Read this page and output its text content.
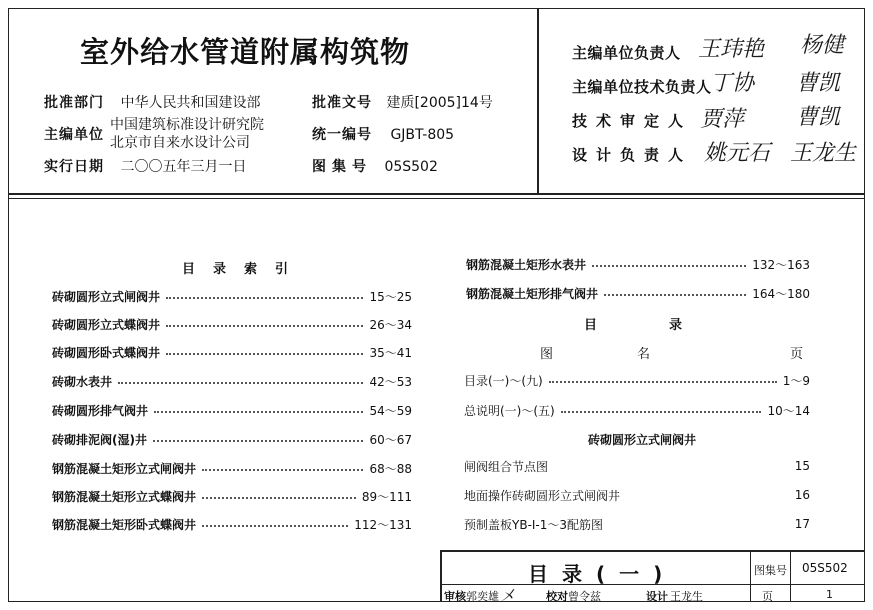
室外给水管道附属构筑物
批准部门 中华人民共和国建设部	批准文号 建质[2005]14号
主编单位
中国建筑标准设计研究院
北京市自来水设计公司	统一编号 GJBT-805
实行日期 二〇〇五年三月一日	图集号 05S502
主编单位负责人 王玮艳 杨健
主编单位技术负责人
丁协 曹凯
技术审定人 贾萍 曹凯
设计负责人 姚元石 王龙生
目录索引
砖砌圆形立式闸阀井	15～25
砖砌圆形立式蝶阀井	26～34
砖砌圆形卧式蝶阀井	35～41
砖砌水表井	42～53
砖砌圆形排气阀井	54～59
砖砌排泥阀(湿)井	60～67
钢筋混凝土矩形立式闸阀井	68～88
钢筋混凝土矩形立式蝶阀井	89～111
钢筋混凝土矩形卧式蝶阀井	112～131
钢筋混凝土矩形水表井	132～163
钢筋混凝土矩形排气阀井	164～180
目录
图名	页
目录(一)～(九)	1～9
总说明(一)～(五)	10～14
砖砌圆形立式闸阀井
闸阀组合节点图	15
地面操作砖砌圆形立式闸阀井	16
预制盖板YB-Ⅰ-1～3配筋图	17
目录(一)	图集号 05S502
审核 郭奕雄 㐅	校对 曾令兹	设计 王龙生	页	1
